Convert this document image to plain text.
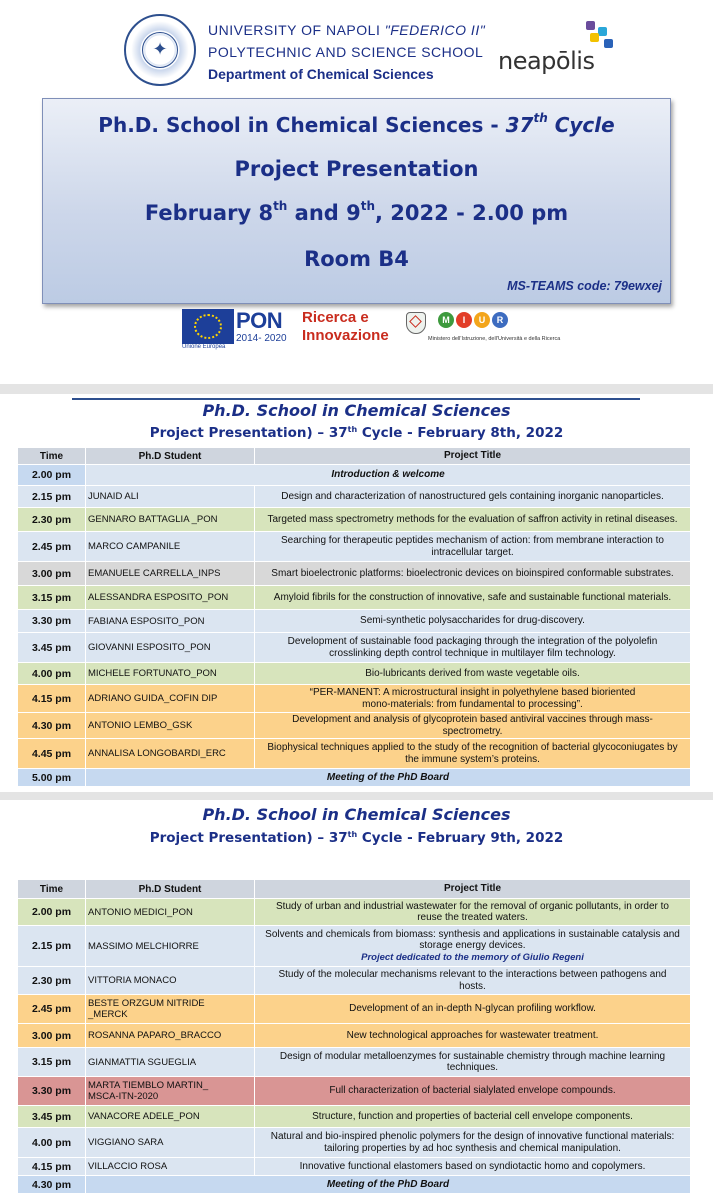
✦
UNIVERSITY OF NAPOLI "FEDERICO II"
POLYTECHNIC AND SCIENCE SCHOOL
Department of Chemical Sciences	neapōlis
Ph.D. School in Chemical Sciences - 37th Cycle
Project Presentation
February 8th and 9th, 2022 - 2.00 pm
Room B4
MS-TEAMS code: 79ewxej
Unione Europea
PON
2014- 2020
Ricerca e
Innovazione
M	I	U	R
Ministero dell'Istruzione, dell'Università e della Ricerca
Ph.D. School in Chemical Sciences
Project Presentation) – 37th Cycle - February 8th, 2022
Time	Ph.D Student	Project Title
2.00 pm	Introduction & welcome
2.15 pm	JUNAID ALI	Design and characterization of nanostructured gels containing inorganic nanoparticles.
2.30 pm	GENNARO BATTAGLIA _PON	Targeted mass spectrometry methods for the evaluation of saffron activity in retinal diseases.
2.45 pm	MARCO CAMPANILE
Searching for therapeutic peptides mechanism of action: from membrane interaction to
intracellular target.
3.00 pm	EMANUELE CARRELLA_INPS	Smart bioelectronic platforms: bioelectronic devices on bioinspired conformable substrates.
3.15 pm	ALESSANDRA ESPOSITO_PON	Amyloid fibrils for the construction of innovative, safe and sustainable functional materials.
3.30 pm	FABIANA ESPOSITO_PON	Semi-synthetic polysaccharides for drug-discovery.
3.45 pm	GIOVANNI ESPOSITO_PON
Development of sustainable food packaging through the integration of the polyolefin
crosslinking depth control technique in multilayer film technology.
4.00 pm	MICHELE FORTUNATO_PON	Bio-lubricants derived from waste vegetable oils.
4.15 pm	ADRIANO GUIDA_COFIN DIP
“PER-MANENT: A microstructural insight in polyethylene based bioriented
mono-materials: from fundamental to processing”.
4.30 pm	ANTONIO LEMBO_GSK
Development and analysis of glycoprotein based antiviral vaccines through mass-
spectrometry.
4.45 pm	ANNALISA LONGOBARDI_ERC
Biophysical techniques applied to the study of the recognition of bacterial glycoconiugates by
the immune system’s proteins.
5.00 pm	Meeting of the PhD Board
Ph.D. School in Chemical Sciences
Project Presentation) – 37th Cycle - February 9th, 2022
Time	Ph.D Student	Project Title
2.00 pm	ANTONIO MEDICI_PON
Study of urban and industrial wastewater for the removal of organic pollutants, in order to
reuse the treated waters.
2.15 pm	MASSIMO MELCHIORRE
Solvents and chemicals from biomass: synthesis and applications in sustainable catalysis and
storage energy devices.
Project dedicated to the memory of Giulio Regeni
2.30 pm	VITTORIA MONACO
Study of the molecular mechanisms relevant to the interactions between pathogens and
hosts.
2.45 pm	BESTE ORZGUM NITRIDE
_MERCK
Development of an in-depth N-glycan profiling workflow.
3.00 pm	ROSANNA PAPARO_BRACCO	New technological approaches for wastewater treatment.
3.15 pm	GIANMATTIA SGUEGLIA
Design of modular metalloenzymes for sustainable chemistry through machine learning
techniques.
3.30 pm	MARTA TIEMBLO MARTIN_
MSCA-ITN-2020
Full characterization of bacterial sialylated envelope compounds.
3.45 pm	VANACORE ADELE_PON	Structure, function and properties of bacterial cell envelope components.
4.00 pm	VIGGIANO SARA
Natural and bio-inspired phenolic polymers for the design of innovative functional materials:
tailoring properties by ad hoc synthesis and chemical manipulation.
4.15 pm	VILLACCIO ROSA	Innovative functional elastomers based on syndiotactic homo and copolymers.
4.30 pm	Meeting of the PhD Board
